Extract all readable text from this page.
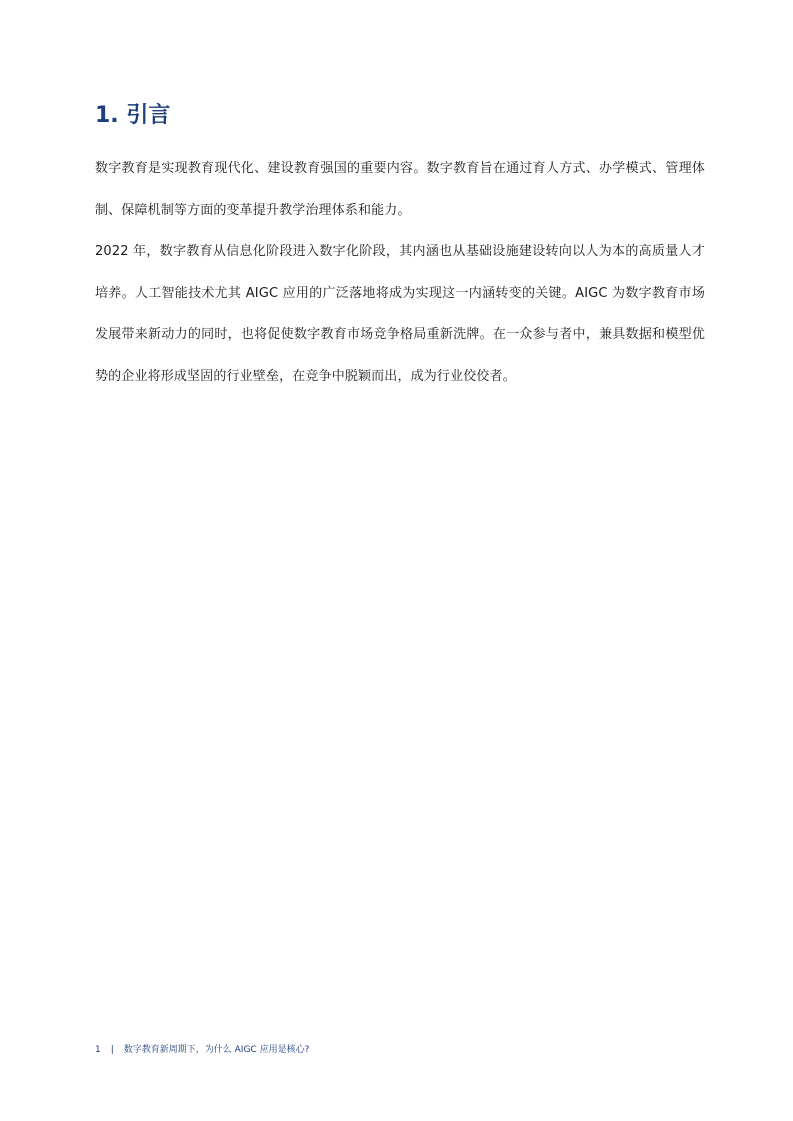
1. 引言

数字教育是实现教育现代化、建设教育强国的重要内容。数字教育旨在通过育人方式、办学模式、管理体制、保障机制等方面的变革提升教学治理体系和能力。

2022 年，数字教育从信息化阶段进入数字化阶段，其内涵也从基础设施建设转向以人为本的高质量人才培养。人工智能技术尤其 AIGC 应用的广泛落地将成为实现这一内涵转变的关键。AIGC 为数字教育市场发展带来新动力的同时，也将促使数字教育市场竞争格局重新洗牌。在一众参与者中，兼具数据和模型优势的企业将形成坚固的行业壁垒，在竞争中脱颖而出，成为行业佼佼者。

1 | 数字教育新周期下，为什么 AIGC 应用是核心?
